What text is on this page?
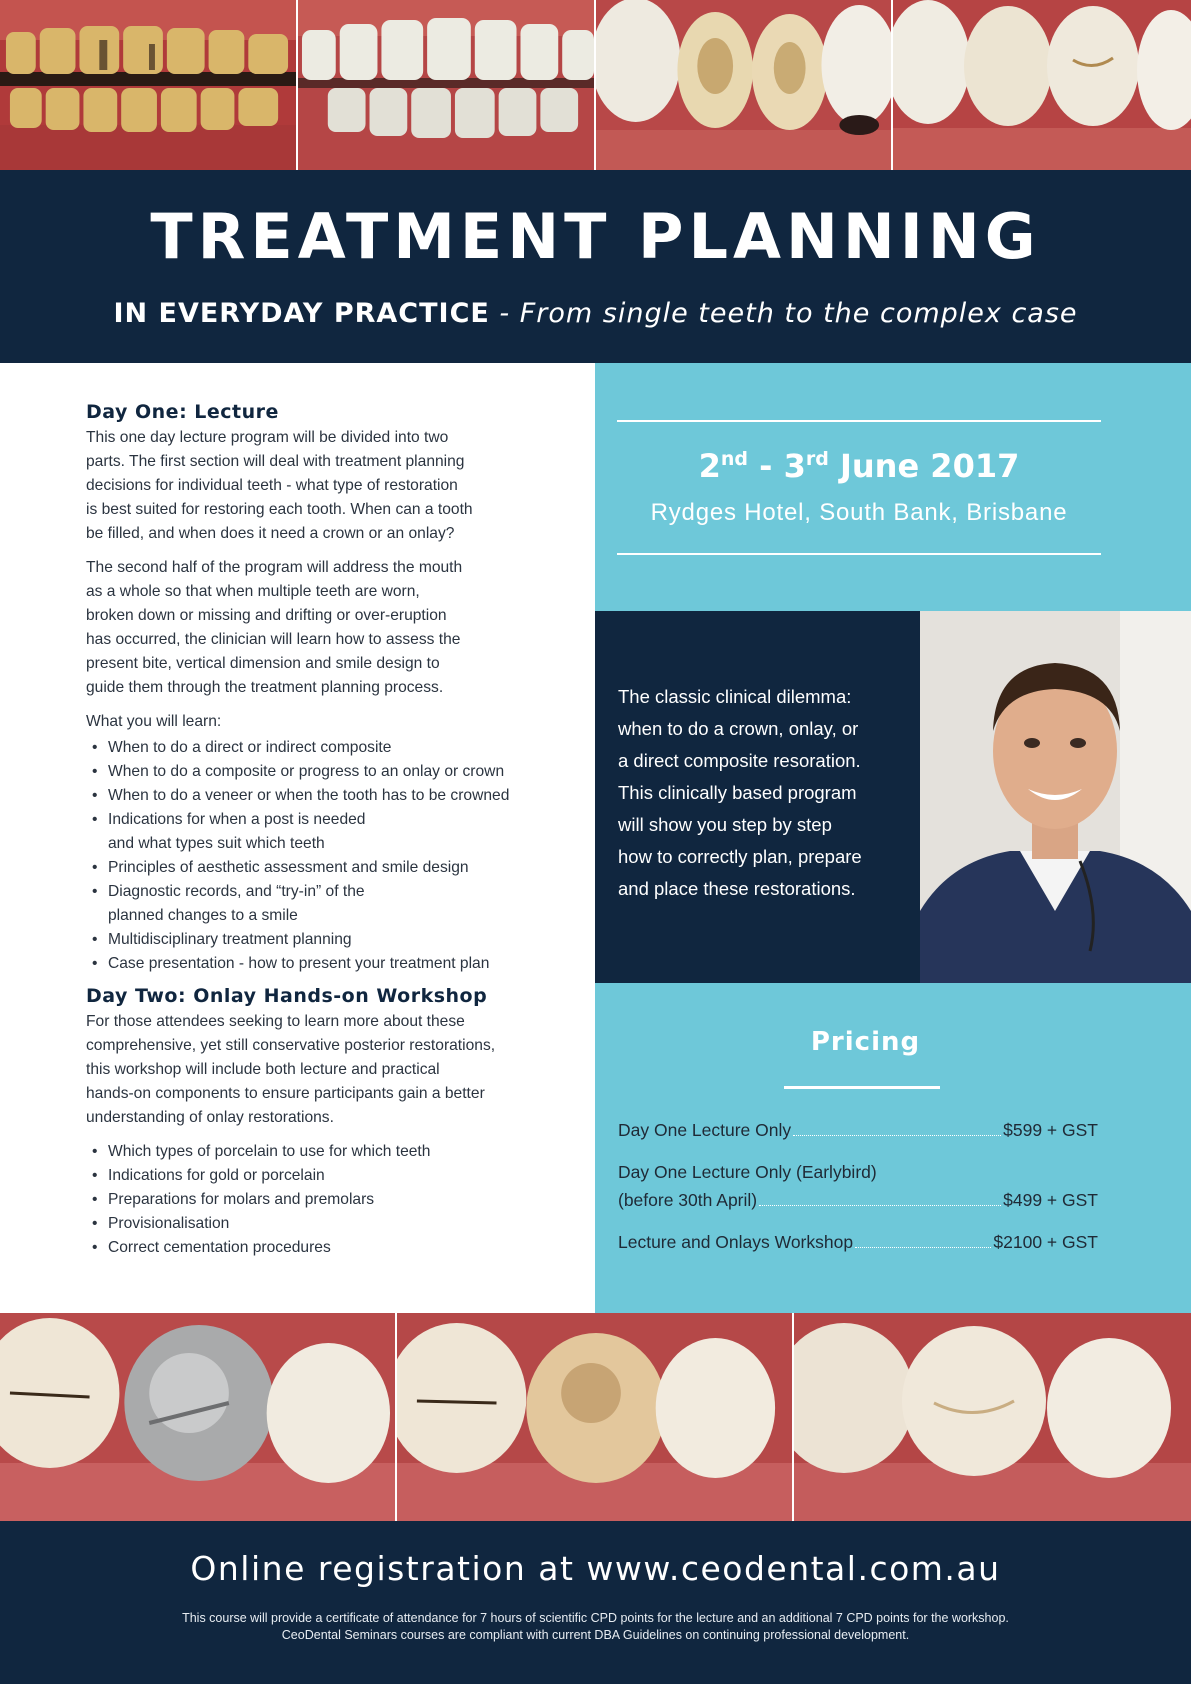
TREATMENT PLANNING
IN EVERYDAY PRACTICE - From single teeth to the complex case
Day One: Lecture

This one day lecture program will be divided into two
parts. The first section will deal with treatment planning
decisions for individual teeth - what type of restoration
is best suited for restoring each tooth. When can a tooth
be filled, and when does it need a crown or an onlay?

The second half of the program will address the mouth
as a whole so that when multiple teeth are worn,
broken down or missing and drifting or over-eruption
has occurred, the clinician will learn how to assess the
present bite, vertical dimension and smile design to
guide them through the treatment planning process.

What you will learn:

• When to do a direct or indirect composite
• When to do a composite or progress to an onlay or crown
• When to do a veneer or when the tooth has to be crowned
• Indications for when a post is needed
and what types suit which teeth
• Principles of aesthetic assessment and smile design
• Diagnostic records, and “try-in” of the
planned changes to a smile
• Multidisciplinary treatment planning
• Case presentation - how to present your treatment plan
Day Two: Onlay Hands-on Workshop

For those attendees seeking to learn more about these
comprehensive, yet still conservative posterior restorations,
this workshop will include both lecture and practical
hands-on components to ensure participants gain a better
understanding of onlay restorations.

• Which types of porcelain to use for which teeth
• Indications for gold or porcelain
• Preparations for molars and premolars
• Provisionalisation
• Correct cementation procedures
2nd - 3rd June 2017
Rydges Hotel, South Bank, Brisbane
The classic clinical dilemma:
when to do a crown, onlay, or
a direct composite resoration.
This clinically based program
will show you step by step
how to correctly plan, prepare
and place these restorations.
Pricing
Day One Lecture Only	$599 + GST
Day One Lecture Only (Earlybird)
(before 30th April)	$499 + GST
Lecture and Onlays Workshop	$2100 + GST
Online registration at www.ceodental.com.au
This course will provide a certificate of attendance for 7 hours of scientific CPD points for the lecture and an additional 7 CPD points for the workshop.
CeoDental Seminars courses are compliant with current DBA Guidelines on continuing professional development.
